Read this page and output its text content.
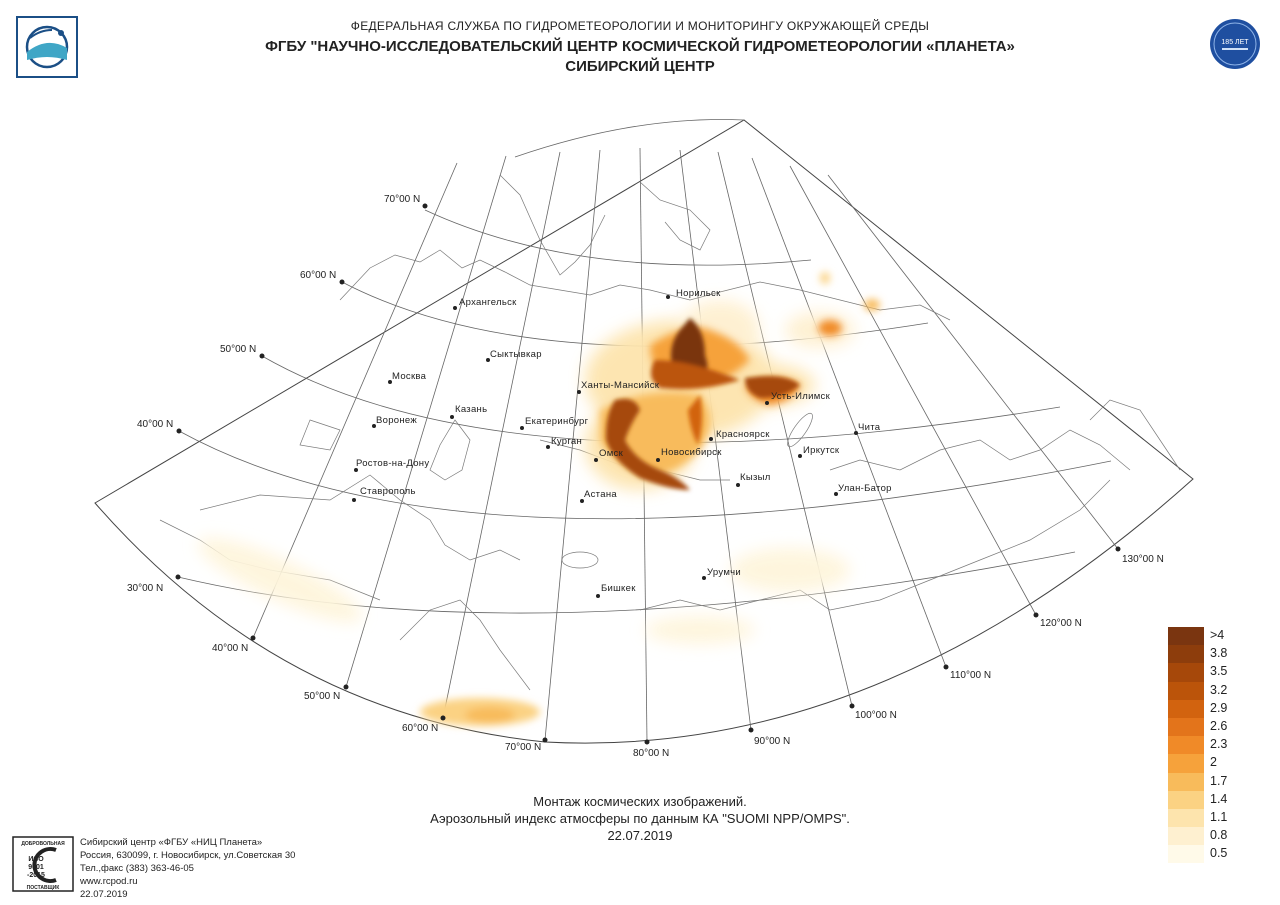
70°00 N
60°00 N
50°00 N
40°00 N
30°00 N
40°00 N
50°00 N
60°00 N
70°00 N
80°00 N
90°00 N
100°00 N
110°00 N
120°00 N
130°00 N
Норильск
Архангельск
Сыктывкар
Москва
Ханты-Мансийск
Усть-Илимск
Казань
Воронеж	Екатеринбург
Красноярск
Чита
Курган
Иркутск
Омск	Новосибирск
Ростов-на-Дону
Кызыл
Ставрополь	Астана
Улан-Батор
Урумчи
Бишкек
ФЕДЕРАЛЬНАЯ СЛУЖБА ПО ГИДРОМЕТЕОРОЛОГИИ И МОНИТОРИНГУ ОКРУЖАЮЩЕЙ СРЕДЫ
ФГБУ "НАУЧНО-ИССЛЕДОВАТЕЛЬСКИЙ ЦЕНТР КОСМИЧЕСКОЙ ГИДРОМЕТЕОРОЛОГИИ «ПЛАНЕТА»
СИБИРСКИЙ ЦЕНТР
185 ЛЕТ
Монтаж космических изображений.
Аэрозольный индекс атмосферы по данным КА "SUOMI NPP/OMPS".
22.07.2019
ДОБРОВОЛЬНАЯ
ИСО
9001
-2015
ПОСТАВЩИК
Сибирский центр «ФГБУ «НИЦ Планета»
Россия, 630099, г. Новосибирск, ул.Советская 30
Тел.,факс (383) 363-46-05
www.rcpod.ru
22.07.2019
>4
3.8
3.5
3.2
2.9
2.6
2.3
2
1.7
1.4
1.1
0.8
0.5
